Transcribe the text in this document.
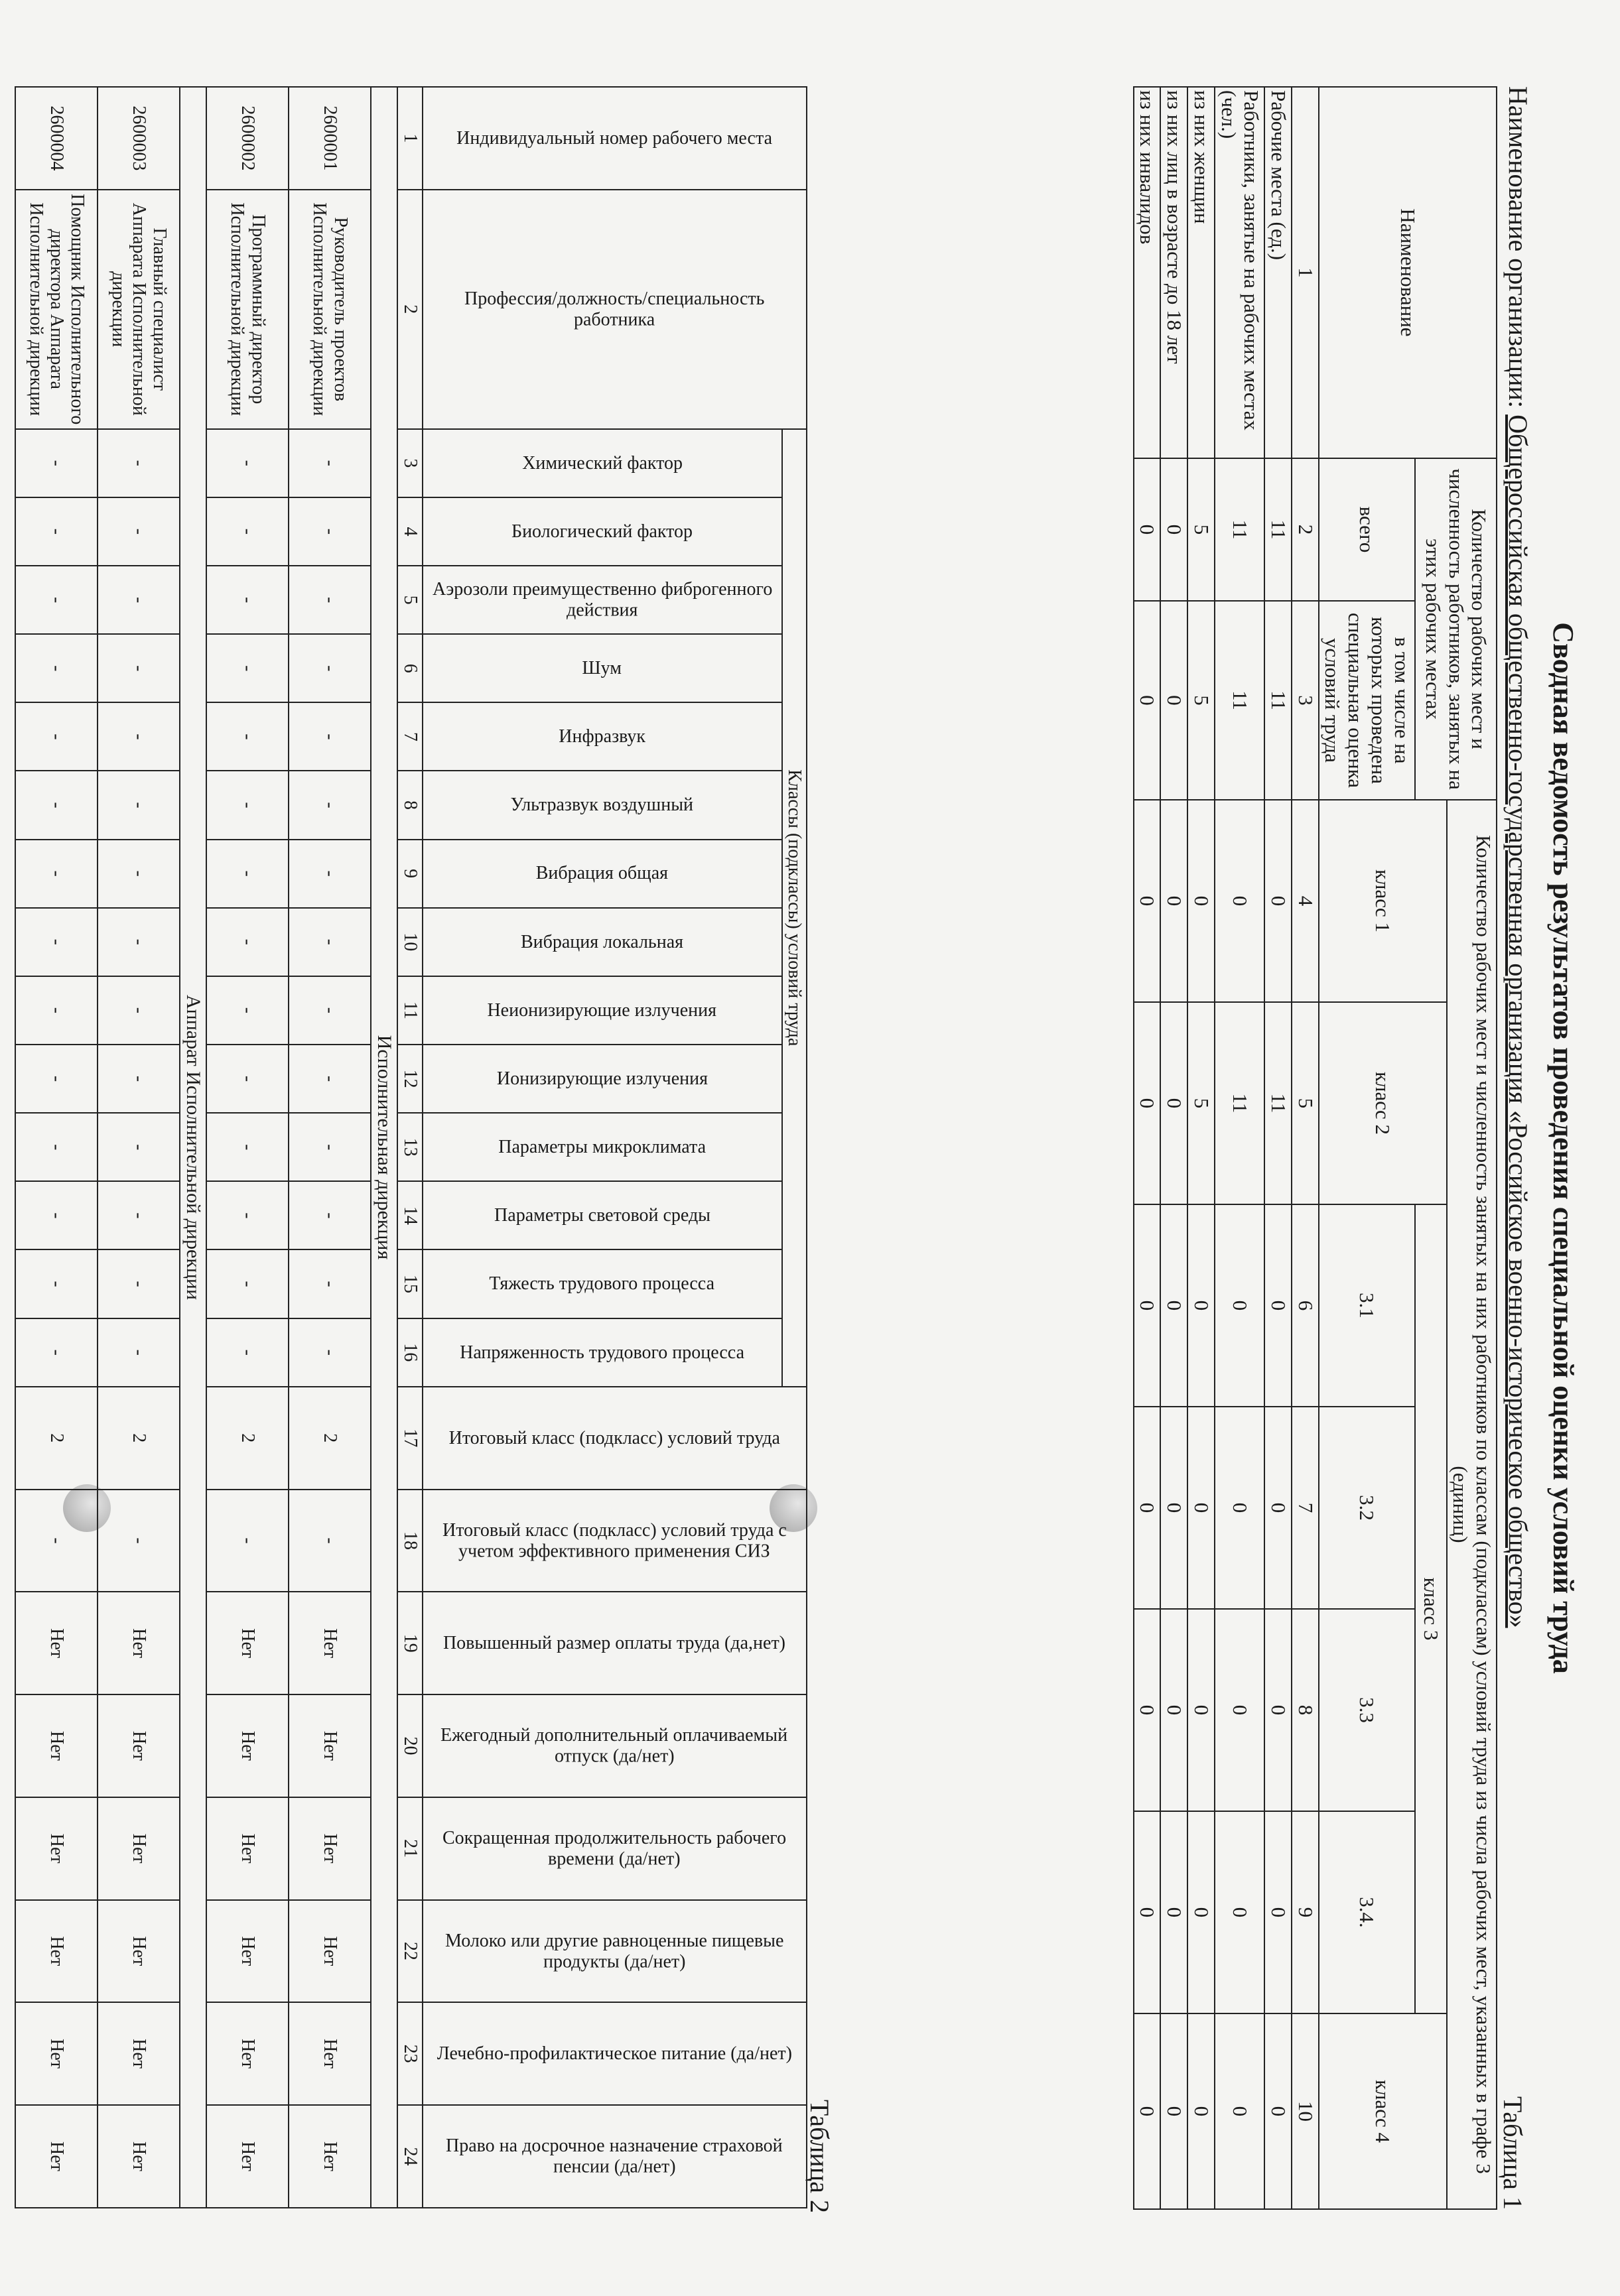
Сводная ведомость результатов проведения специальной оценки условий труда
Наименование организации: Общероссийская общественно-государственная организация «Российское военно-историческое общество»
Таблица 1
Наименование	Количество рабочих мест и численность работников, занятых на этих рабочих местах		Количество рабочих мест и численность занятых на них работников по классам (подклассам) условий труда из числа рабочих мест, указанных в графе 3 (единиц)						
			класс 1	класс 2	класс 3				класс 4
	всего	в том числе на которых проведена специальная оценка условий труда			3.1	3.2	3.3	3.4.	
1	2	3	4	5	6	7	8	9	10
Рабочие места (ед.)	11	11	0	11	0	0	0	0	0
Работники, занятые на рабочих местах (чел.)	11	11	0	11	0	0	0	0	0
из них женщин	5	5	0	5	0	0	0	0	0
из них лиц в возрасте до 18 лет	0	0	0	0	0	0	0	0	0
из них инвалидов	0	0	0	0	0	0	0	0	0
Таблица 2
Индивидуальный номер рабочего места	Профессия/должность/специальность работника	Классы (подклассы) условий труда														Итоговый класс (подкласс) условий труда	Итоговый класс (подкласс) условий труда с учетом эффективного применения СИЗ	Повышенный размер оплаты труда (да,нет)	Ежегодный дополнительный оплачиваемый отпуск (да/нет)	Сокращенная продолжительность рабочего времени (да/нет)	Молоко или другие равноценные пищевые продукты (да/нет)	Лечебно-профилактическое питание (да/нет)	Право на досрочное назначение страховой пенсии (да/нет)

		Химический фактор	Биологический фактор	Аэрозоли преимущественно фиброгенного действия	Шум	Инфразвук	Ультразвук воздушный	Вибрация общая	Вибрация локальная	Неионизирующие излучения	Ионизирующие излучения	Параметры микроклимата	Параметры световой среды	Тяжесть трудового процесса	Напряженность трудового процесса								

1	2	3	4	5	6	7	8	9	10	11	12	13	14	15	16	17	18	19	20	21	22	23	24
Исполнительная дирекция																							
2600001	Руководитель проектов Исполнительной дирекции	-	-	-	-	-	-	-	-	-	-	-	-	-	-	2	-	Нет	Нет	Нет	Нет	Нет	Нет
2600002	Программный директор Исполнительной дирекции	-	-	-	-	-	-	-	-	-	-	-	-	-	-	2	-	Нет	Нет	Нет	Нет	Нет	Нет
Аппарат Исполнительной дирекции																							
2600003	Главный специалист Аппарата Исполнительной дирекции	-	-	-	-	-	-	-	-	-	-	-	-	-	-	2	-	Нет	Нет	Нет	Нет	Нет	Нет
2600004	Помощник Исполнительного директора Аппарата Исполнительной дирекции	-	-	-	-	-	-	-	-	-	-	-	-	-	-	2	-	Нет	Нет	Нет	Нет	Нет	Нет
